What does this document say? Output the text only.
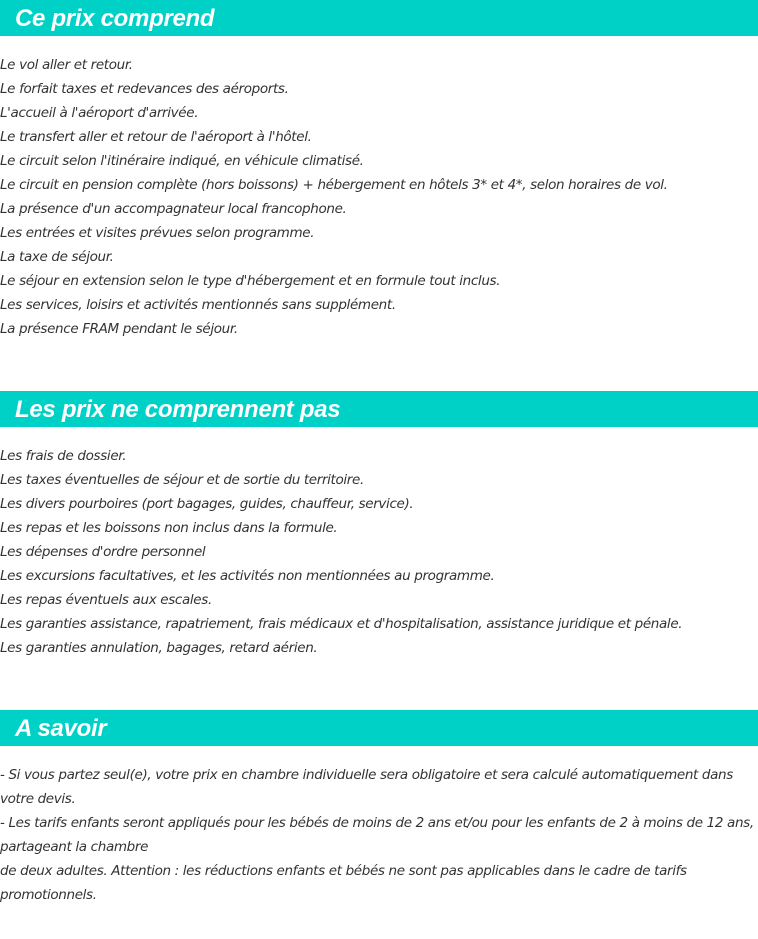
Ce prix comprend
Le vol aller et retour.
Le forfait taxes et redevances des aéroports.
L'accueil à l'aéroport d'arrivée.
Le transfert aller et retour de l'aéroport à l'hôtel.
Le circuit selon l'itinéraire indiqué, en véhicule climatisé.
Le circuit en pension complète (hors boissons) + hébergement en hôtels 3* et 4*, selon horaires de vol.
La présence d'un accompagnateur local francophone.
Les entrées et visites prévues selon programme.
La taxe de séjour.
Le séjour en extension selon le type d'hébergement et en formule tout inclus.
Les services, loisirs et activités mentionnés sans supplément.
La présence FRAM pendant le séjour.
Les prix ne comprennent pas
Les frais de dossier.
Les taxes éventuelles de séjour et de sortie du territoire.
Les divers pourboires (port bagages, guides, chauffeur, service).
Les repas et les boissons non inclus dans la formule.
Les dépenses d'ordre personnel
Les excursions facultatives, et les activités non mentionnées au programme.
Les repas éventuels aux escales.
Les garanties assistance, rapatriement, frais médicaux et d'hospitalisation, assistance juridique et pénale.
Les garanties annulation, bagages, retard aérien.
A savoir
- Si vous partez seul(e), votre prix en chambre individuelle sera obligatoire et sera calculé automatiquement dans votre devis.
- Les tarifs enfants seront appliqués pour les bébés de moins de 2 ans et/ou pour les enfants de 2 à moins de 12 ans, partageant la chambre
de deux adultes. Attention : les réductions enfants et bébés ne sont pas applicables dans le cadre de tarifs promotionnels.
